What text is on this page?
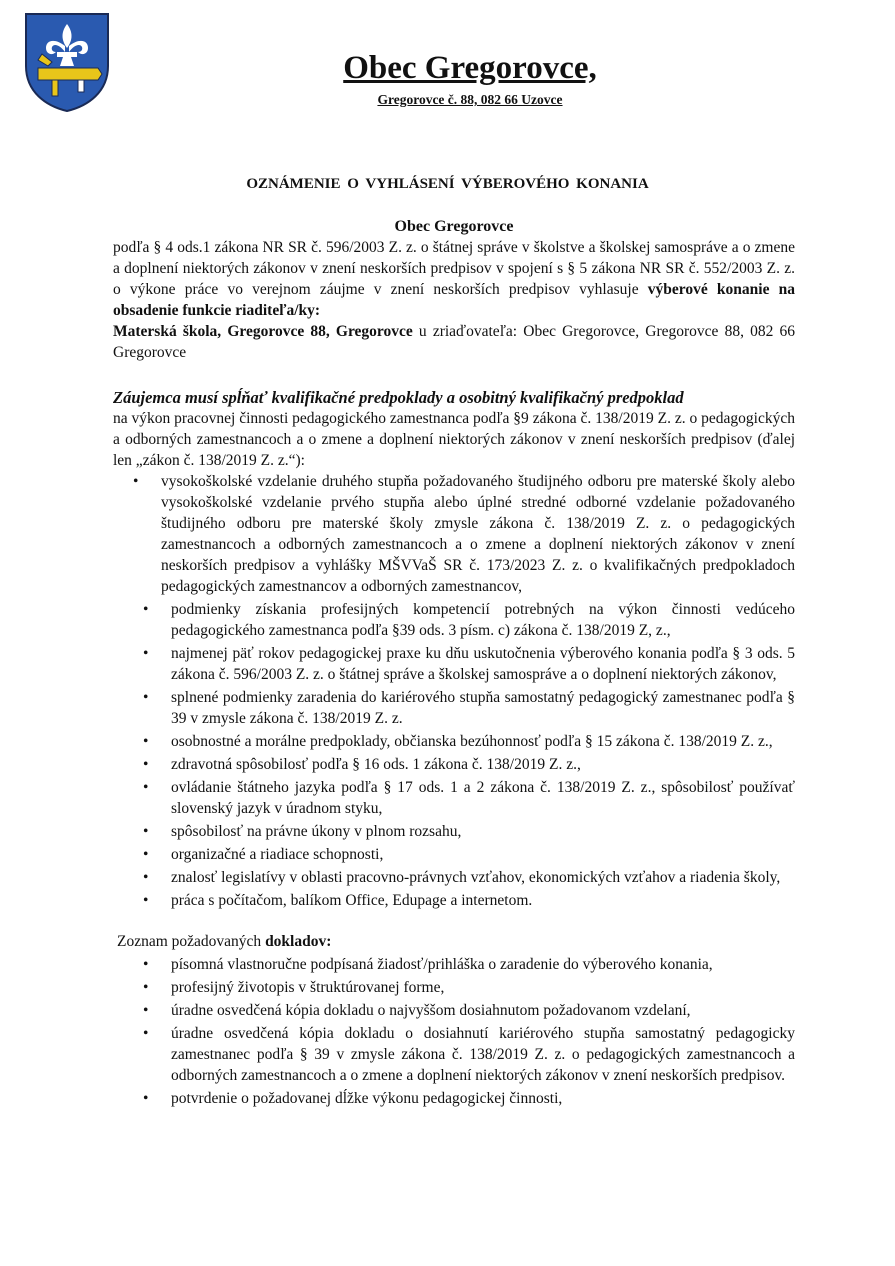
Obec Gregorovce,
Gregorovce č. 88, 082 66 Uzovce
OZNÁMENIE O VYHLÁSENÍ VÝBEROVÉHO KONANIA

Obec Gregorovce

podľa § 4 ods.1 zákona NR SR č. 596/2003 Z. z. o štátnej správe v školstve a školskej samospráve a o zmene a doplnení niektorých zákonov v znení neskorších predpisov v spojení s § 5 zákona NR SR č. 552/2003 Z. z. o výkone práce vo verejnom záujme v znení neskorších predpisov vyhlasuje výberové konanie na obsadenie funkcie riaditeľa/ky:
Materská škola, Gregorovce 88, Gregorovce u zriaďovateľa: Obec Gregorovce, Gregorovce 88, 082 66 Gregorovce

Záujemca musí spĺňať kvalifikačné predpoklady a osobitný kvalifikačný predpoklad

na výkon pracovnej činnosti pedagogického zamestnanca podľa §9 zákona č. 138/2019 Z. z. o pedagogických a odborných zamestnancoch a o zmene a doplnení niektorých zákonov v znení neskorších predpisov (ďalej len „zákon č. 138/2019 Z. z.“):

• vysokoškolské vzdelanie druhého stupňa požadovaného študijného odboru pre materské školy alebo vysokoškolské vzdelanie prvého stupňa alebo úplné stredné odborné vzdelanie požadovaného študijného odboru pre materské školy zmysle zákona č. 138/2019 Z. z. o pedagogických zamestnancoch a odborných zamestnancoch a o zmene a doplnení niektorých zákonov v znení neskorších predpisov a vyhlášky MŠVVaŠ SR č. 173/2023 Z. z. o kvalifikačných predpokladoch pedagogických zamestnancov a odborných zamestnancov,
• podmienky získania profesijných kompetencií potrebných na výkon činnosti vedúceho pedagogického zamestnanca podľa §39 ods. 3 písm. c) zákona č. 138/2019 Z, z.,
• najmenej päť rokov pedagogickej praxe ku dňu uskutočnenia výberového konania podľa § 3 ods. 5 zákona č. 596/2003 Z. z. o štátnej správe a školskej samospráve a o doplnení niektorých zákonov,
• splnené podmienky zaradenia do kariérového stupňa samostatný pedagogický zamestnanec podľa § 39 v zmysle zákona č. 138/2019 Z. z.
• osobnostné a morálne predpoklady, občianska bezúhonnosť podľa § 15 zákona č. 138/2019 Z. z.,
• zdravotná spôsobilosť podľa § 16 ods. 1 zákona č. 138/2019 Z. z.,
• ovládanie štátneho jazyka podľa § 17 ods. 1 a 2 zákona č. 138/2019 Z. z., spôsobilosť používať slovenský jazyk v úradnom styku,
• spôsobilosť na právne úkony v plnom rozsahu,
• organizačné a riadiace schopnosti,
• znalosť legislatívy v oblasti pracovno-právnych vzťahov, ekonomických vzťahov a riadenia školy,
• práca s počítačom, balíkom Office, Edupage a internetom.

Zoznam požadovaných dokladov:

• písomná vlastnoručne podpísaná žiadosť/prihláška o zaradenie do výberového konania,
• profesijný životopis v štruktúrovanej forme,
• úradne osvedčená kópia dokladu o najvyššom dosiahnutom požadovanom vzdelaní,
• úradne osvedčená kópia dokladu o dosiahnutí kariérového stupňa samostatný pedagogicky zamestnanec podľa § 39 v zmysle zákona č. 138/2019 Z. z. o pedagogických zamestnancoch a odborných zamestnancoch a o zmene a doplnení niektorých zákonov v znení neskorších predpisov.
• potvrdenie o požadovanej dĺžke výkonu pedagogickej činnosti,
